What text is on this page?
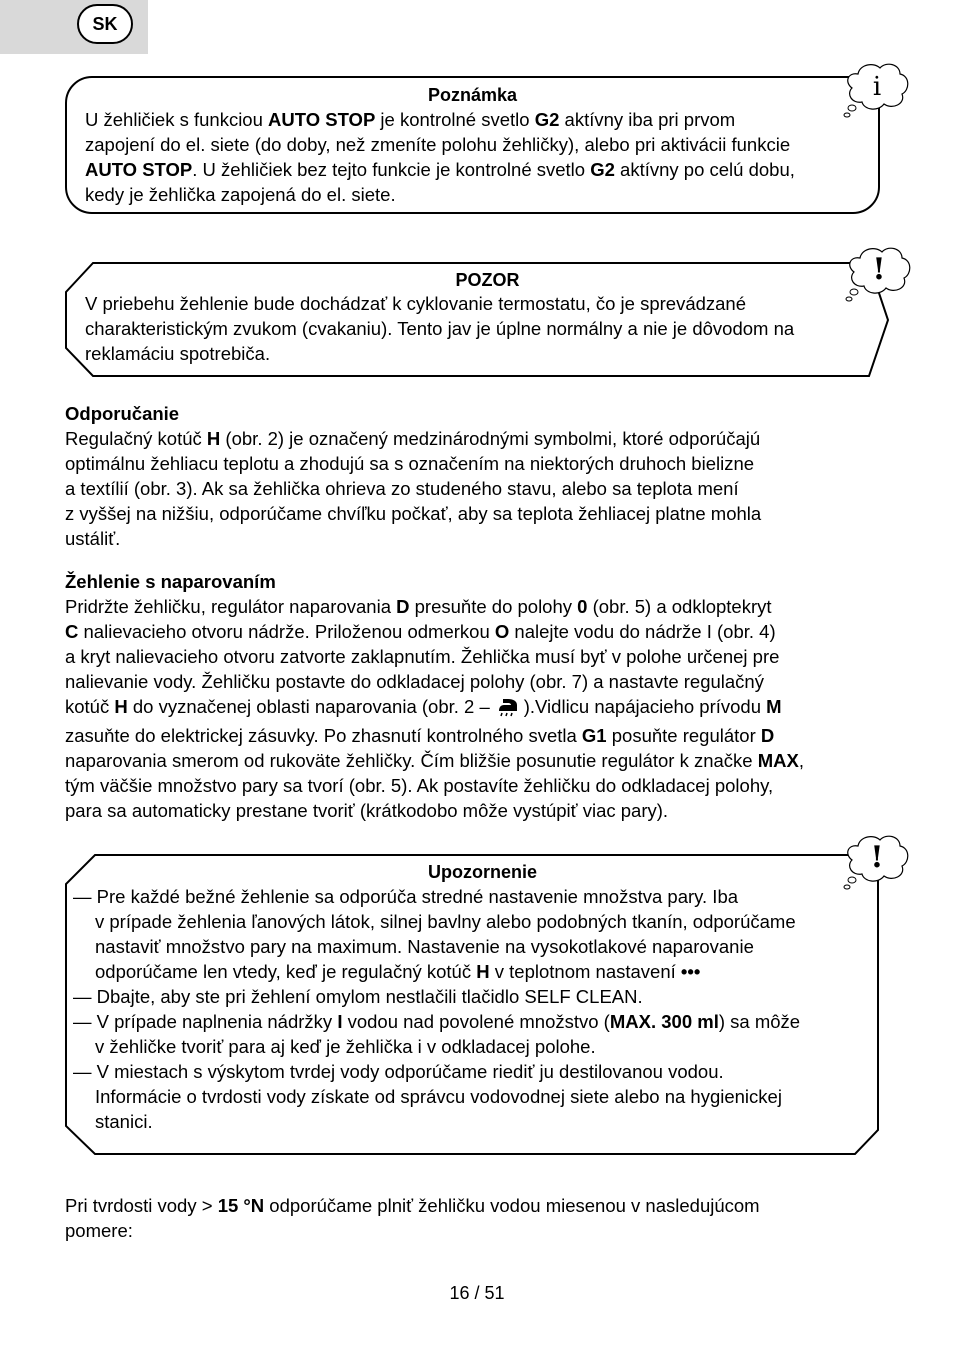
SK
Poznámka
U žehličiek s funkciou AUTO STOP je kontrolné svetlo G2 aktívny iba pri prvom
zapojení do el. siete (do doby, než zmeníte polohu žehličky), alebo pri aktivácii funkcie
AUTO STOP. U žehličiek bez tejto funkcie je kontrolné svetlo G2 aktívny po celú dobu,
kedy je žehlička zapojená do el. siete.
i
POZOR
V priebehu žehlenie bude dochádzať k cyklovanie termostatu, čo je sprevádzané
charakteristickým zvukom (cvakaniu). Tento jav je úplne normálny a nie je dôvodom na
reklamáciu spotrebiča.
!

Odporučanie

Regulačný kotúč H (obr. 2) je označený medzinárodnými symbolmi, ktoré odporúčajú

optimálnu žehliacu teplotu a zhodujú sa s označením na niektorých druhoch bielizne

a textílií (obr. 3). Ak sa žehlička ohrieva zo studeného stavu, alebo sa teplota mení

z vyššej na nižšiu, odporúčame chvíľku počkať, aby sa teplota žehliacej platne mohla

ustáliť.

Žehlenie s naparovaním

Pridržte žehličku, regulátor naparovania D presuňte do polohy 0 (obr. 5) a odkloptekryt

C nalievacieho otvoru nádrže. Priloženou odmerkou O nalejte vodu do nádrže I (obr. 4)

a kryt nalievacieho otvoru zatvorte zaklapnutím. Žehlička musí byť v polohe určenej pre

nalievanie vody. Žehličku postavte do odkladacej polohy (obr. 7) a nastavte regulačný

kotúč H do vyznačenej oblasti naparovania (obr. 2 – ).Vidlicu napájacieho prívodu M

zasuňte do elektrickej zásuvky. Po zhasnutí kontrolného svetla G1 posuňte regulátor D

naparovania smerom od rukoväte žehličky. Čím bližšie posunutie regulátor k značke MAX,

tým väčšie množstvo pary sa tvorí (obr. 5). Ak postavíte žehličku do odkladacej polohy,

para sa automaticky prestane tvoriť (krátkodobo môže vystúpiť viac pary).

Upozornenie
— Pre každé bežné žehlenie sa odporúča stredné nastavenie množstva pary. Iba
v prípade žehlenia ľanových látok, silnej bavlny alebo podobných tkanín, odporúčame
nastaviť množstvo pary na maximum. Nastavenie na vysokotlakové naparovanie
odporúčame len vtedy, keď je regulačný kotúč H v teplotnom nastavení •••
— Dbajte, aby ste pri žehlení omylom nestlačili tlačidlo SELF CLEAN.
— V prípade naplnenia nádržky I vodou nad povolené množstvo (MAX. 300 ml) sa môže
v žehličke tvoriť para aj keď je žehlička i v odkladacej polohe.
— V miestach s výskytom tvrdej vody odporúčame riediť ju destilovanou vodou.
Informácie o tvrdosti vody získate od správcu vodovodnej siete alebo na hygienickej
stanici.
!

Pri tvrdosti vody > 15 °N odporúčame plniť žehličku vodou miesenou v nasledujúcom

pomere:

16 / 51
